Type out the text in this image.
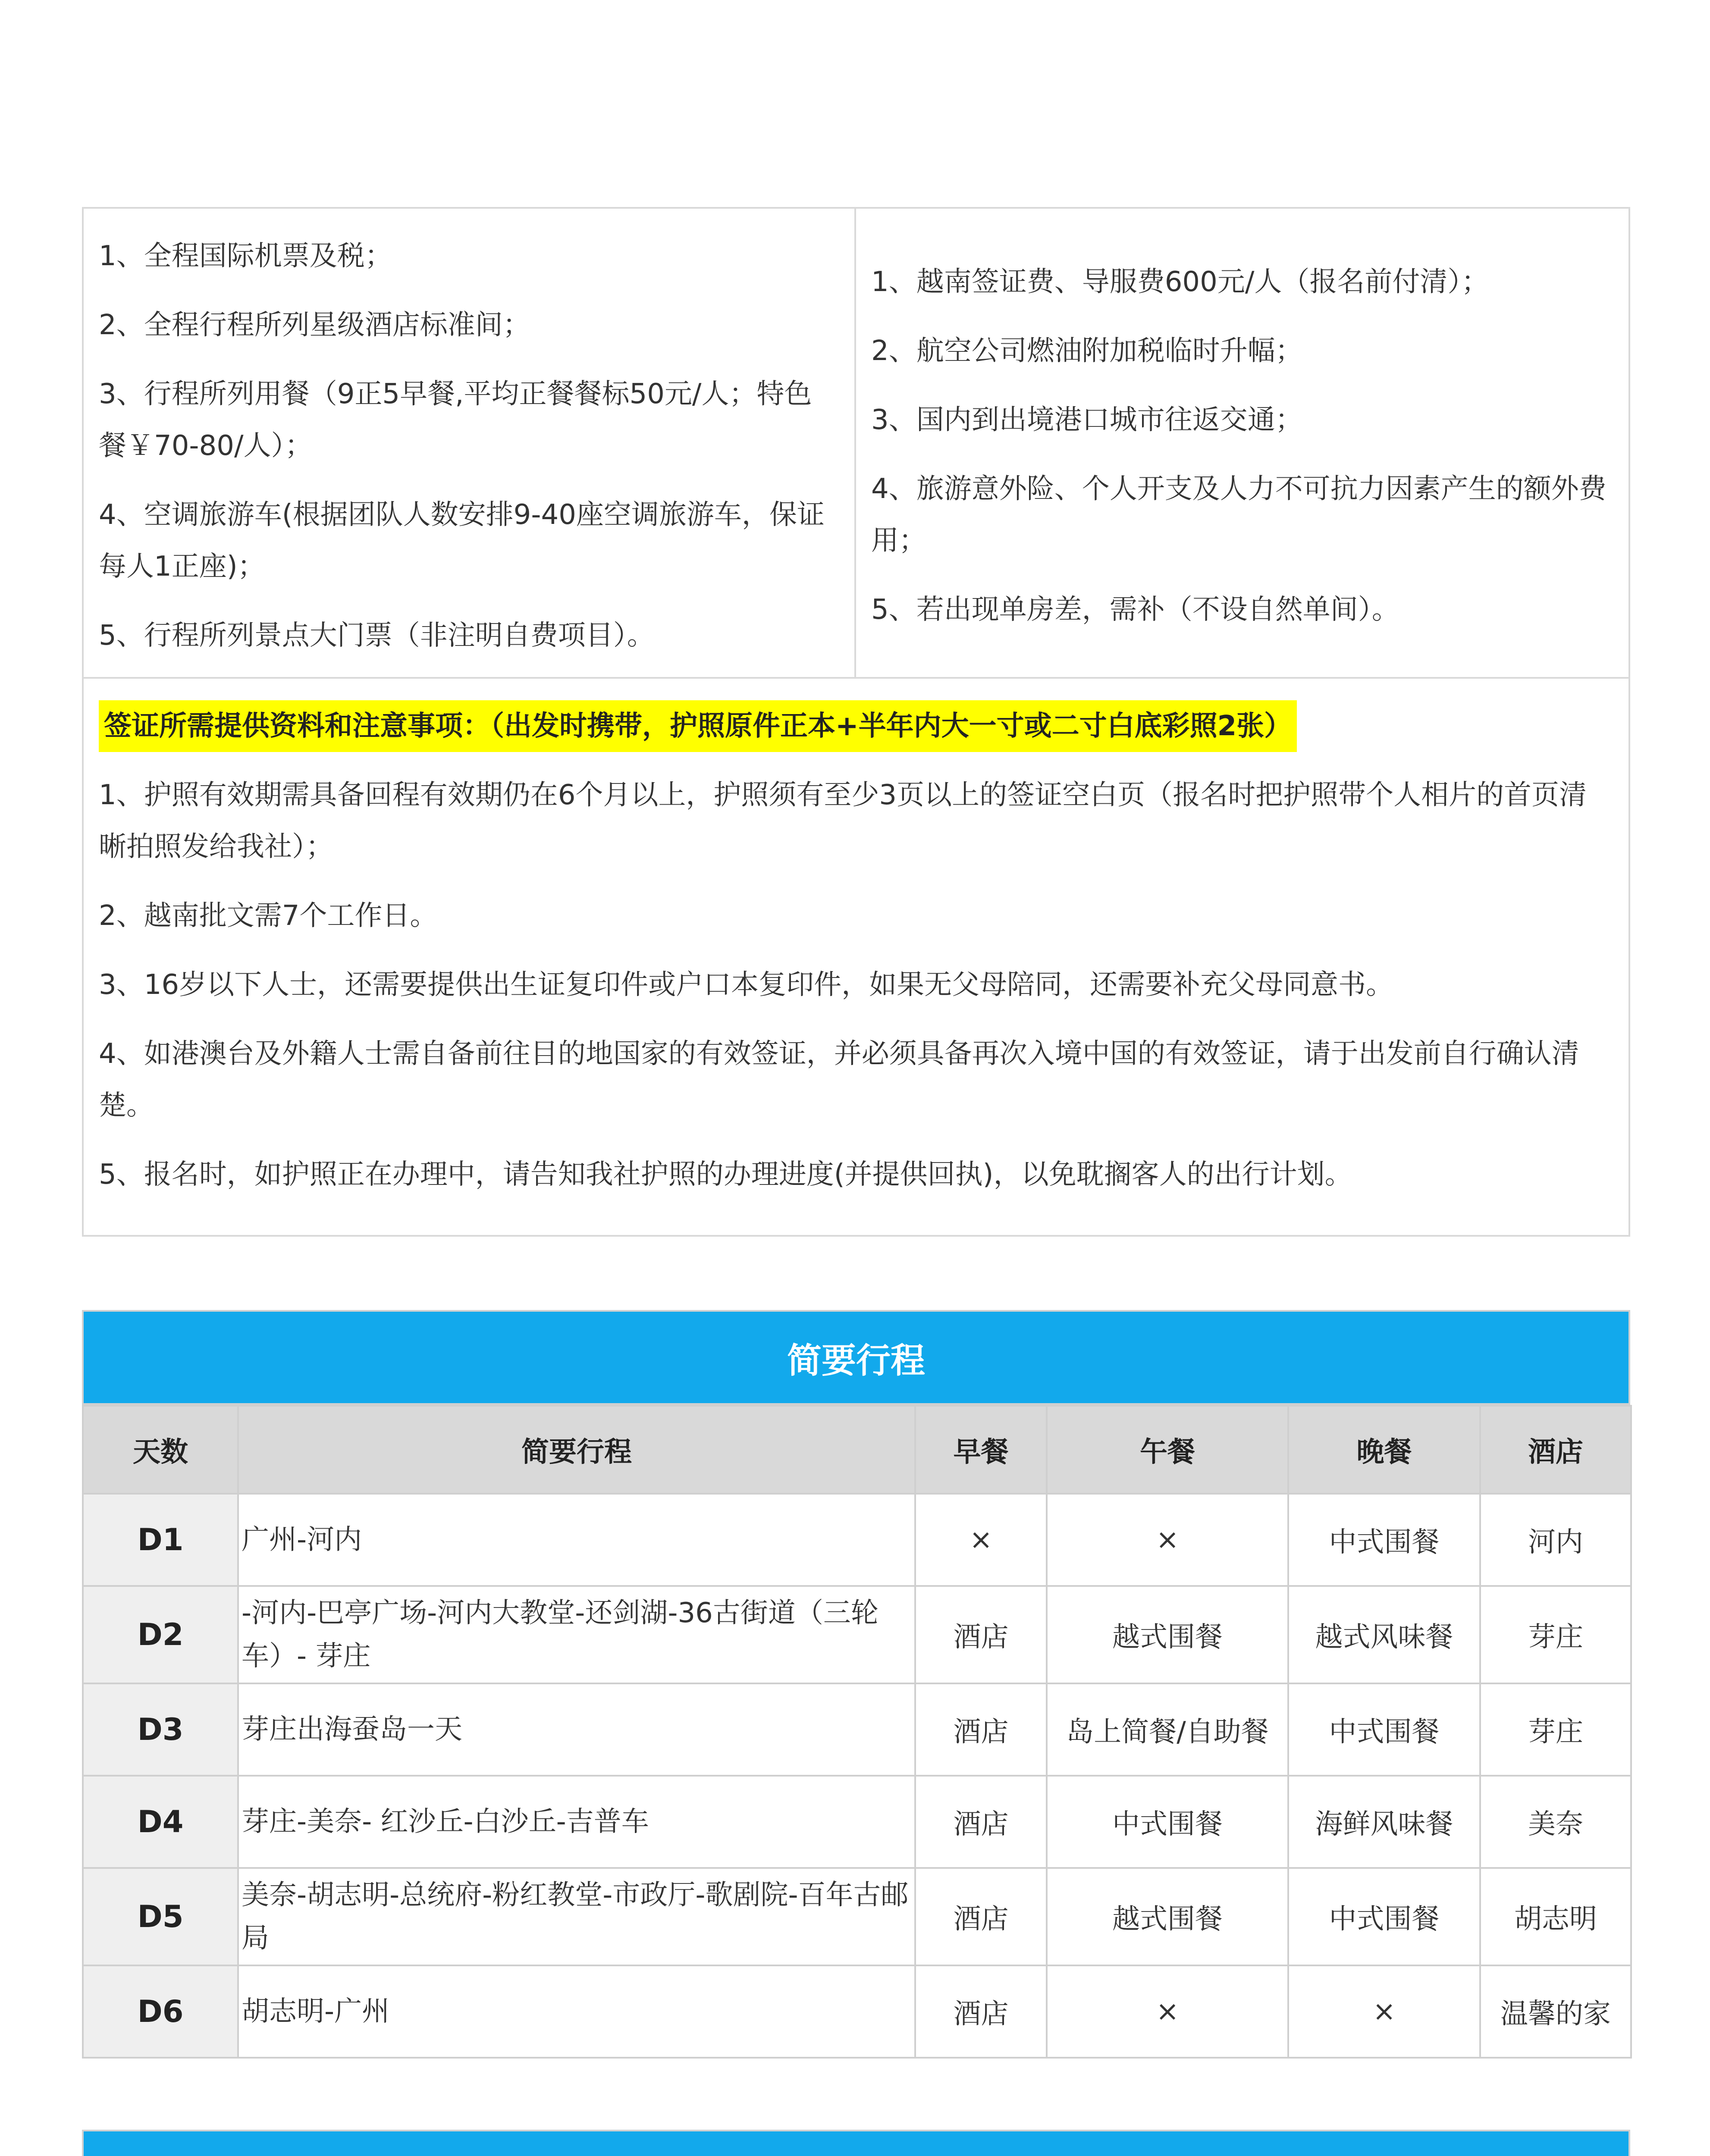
1、全程国际机票及税；

2、全程行程所列星级酒店标准间；

3、行程所列用餐（9正5早餐,平均正餐餐标50元/人；特色餐￥70-80/人）；

4、空调旅游车(根据团队人数安排9-40座空调旅游车，保证每人1正座)；

5、行程所列景点大门票（非注明自费项目）。

1、越南签证费、导服费600元/人（报名前付清）；

2、航空公司燃油附加税临时升幅；

3、国内到出境港口城市往返交通；

4、旅游意外险、个人开支及人力不可抗力因素产生的额外费用；

5、若出现单房差，需补（不设自然单间）。

签证所需提供资料和注意事项：（出发时携带，护照原件正本+半年内大一寸或二寸白底彩照2张）

1、护照有效期需具备回程有效期仍在6个月以上，护照须有至少3页以上的签证空白页（报名时把护照带个人相片的首页清晰拍照发给我社）；

2、越南批文需7个工作日。

3、16岁以下人士，还需要提供出生证复印件或户口本复印件，如果无父母陪同，还需要补充父母同意书。

4、如港澳台及外籍人士需自备前往目的地国家的有效签证，并必须具备再次入境中国的有效签证，请于出发前自行确认清楚。

5、报名时，如护照正在办理中，请告知我社护照的办理进度(并提供回执)，以免耽搁客人的出行计划。

简要行程
天数	简要行程	早餐	午餐	晚餐	酒店
D1	广州-河内	×	×	中式围餐	河内
D2	-河内-巴亭广场-河内大教堂-还剑湖-36古街道（三轮车）- 芽庄	酒店	越式围餐	越式风味餐	芽庄
D3	芽庄出海蚕岛一天	酒店	岛上简餐/自助餐	中式围餐	芽庄
D4	芽庄-美奈- 红沙丘-白沙丘-吉普车	酒店	中式围餐	海鲜风味餐	美奈
D5	美奈-胡志明-总统府-粉红教堂-市政厅-歌剧院-百年古邮局	酒店	越式围餐	中式围餐	胡志明
D6	胡志明-广州	酒店	×	×	温馨的家
